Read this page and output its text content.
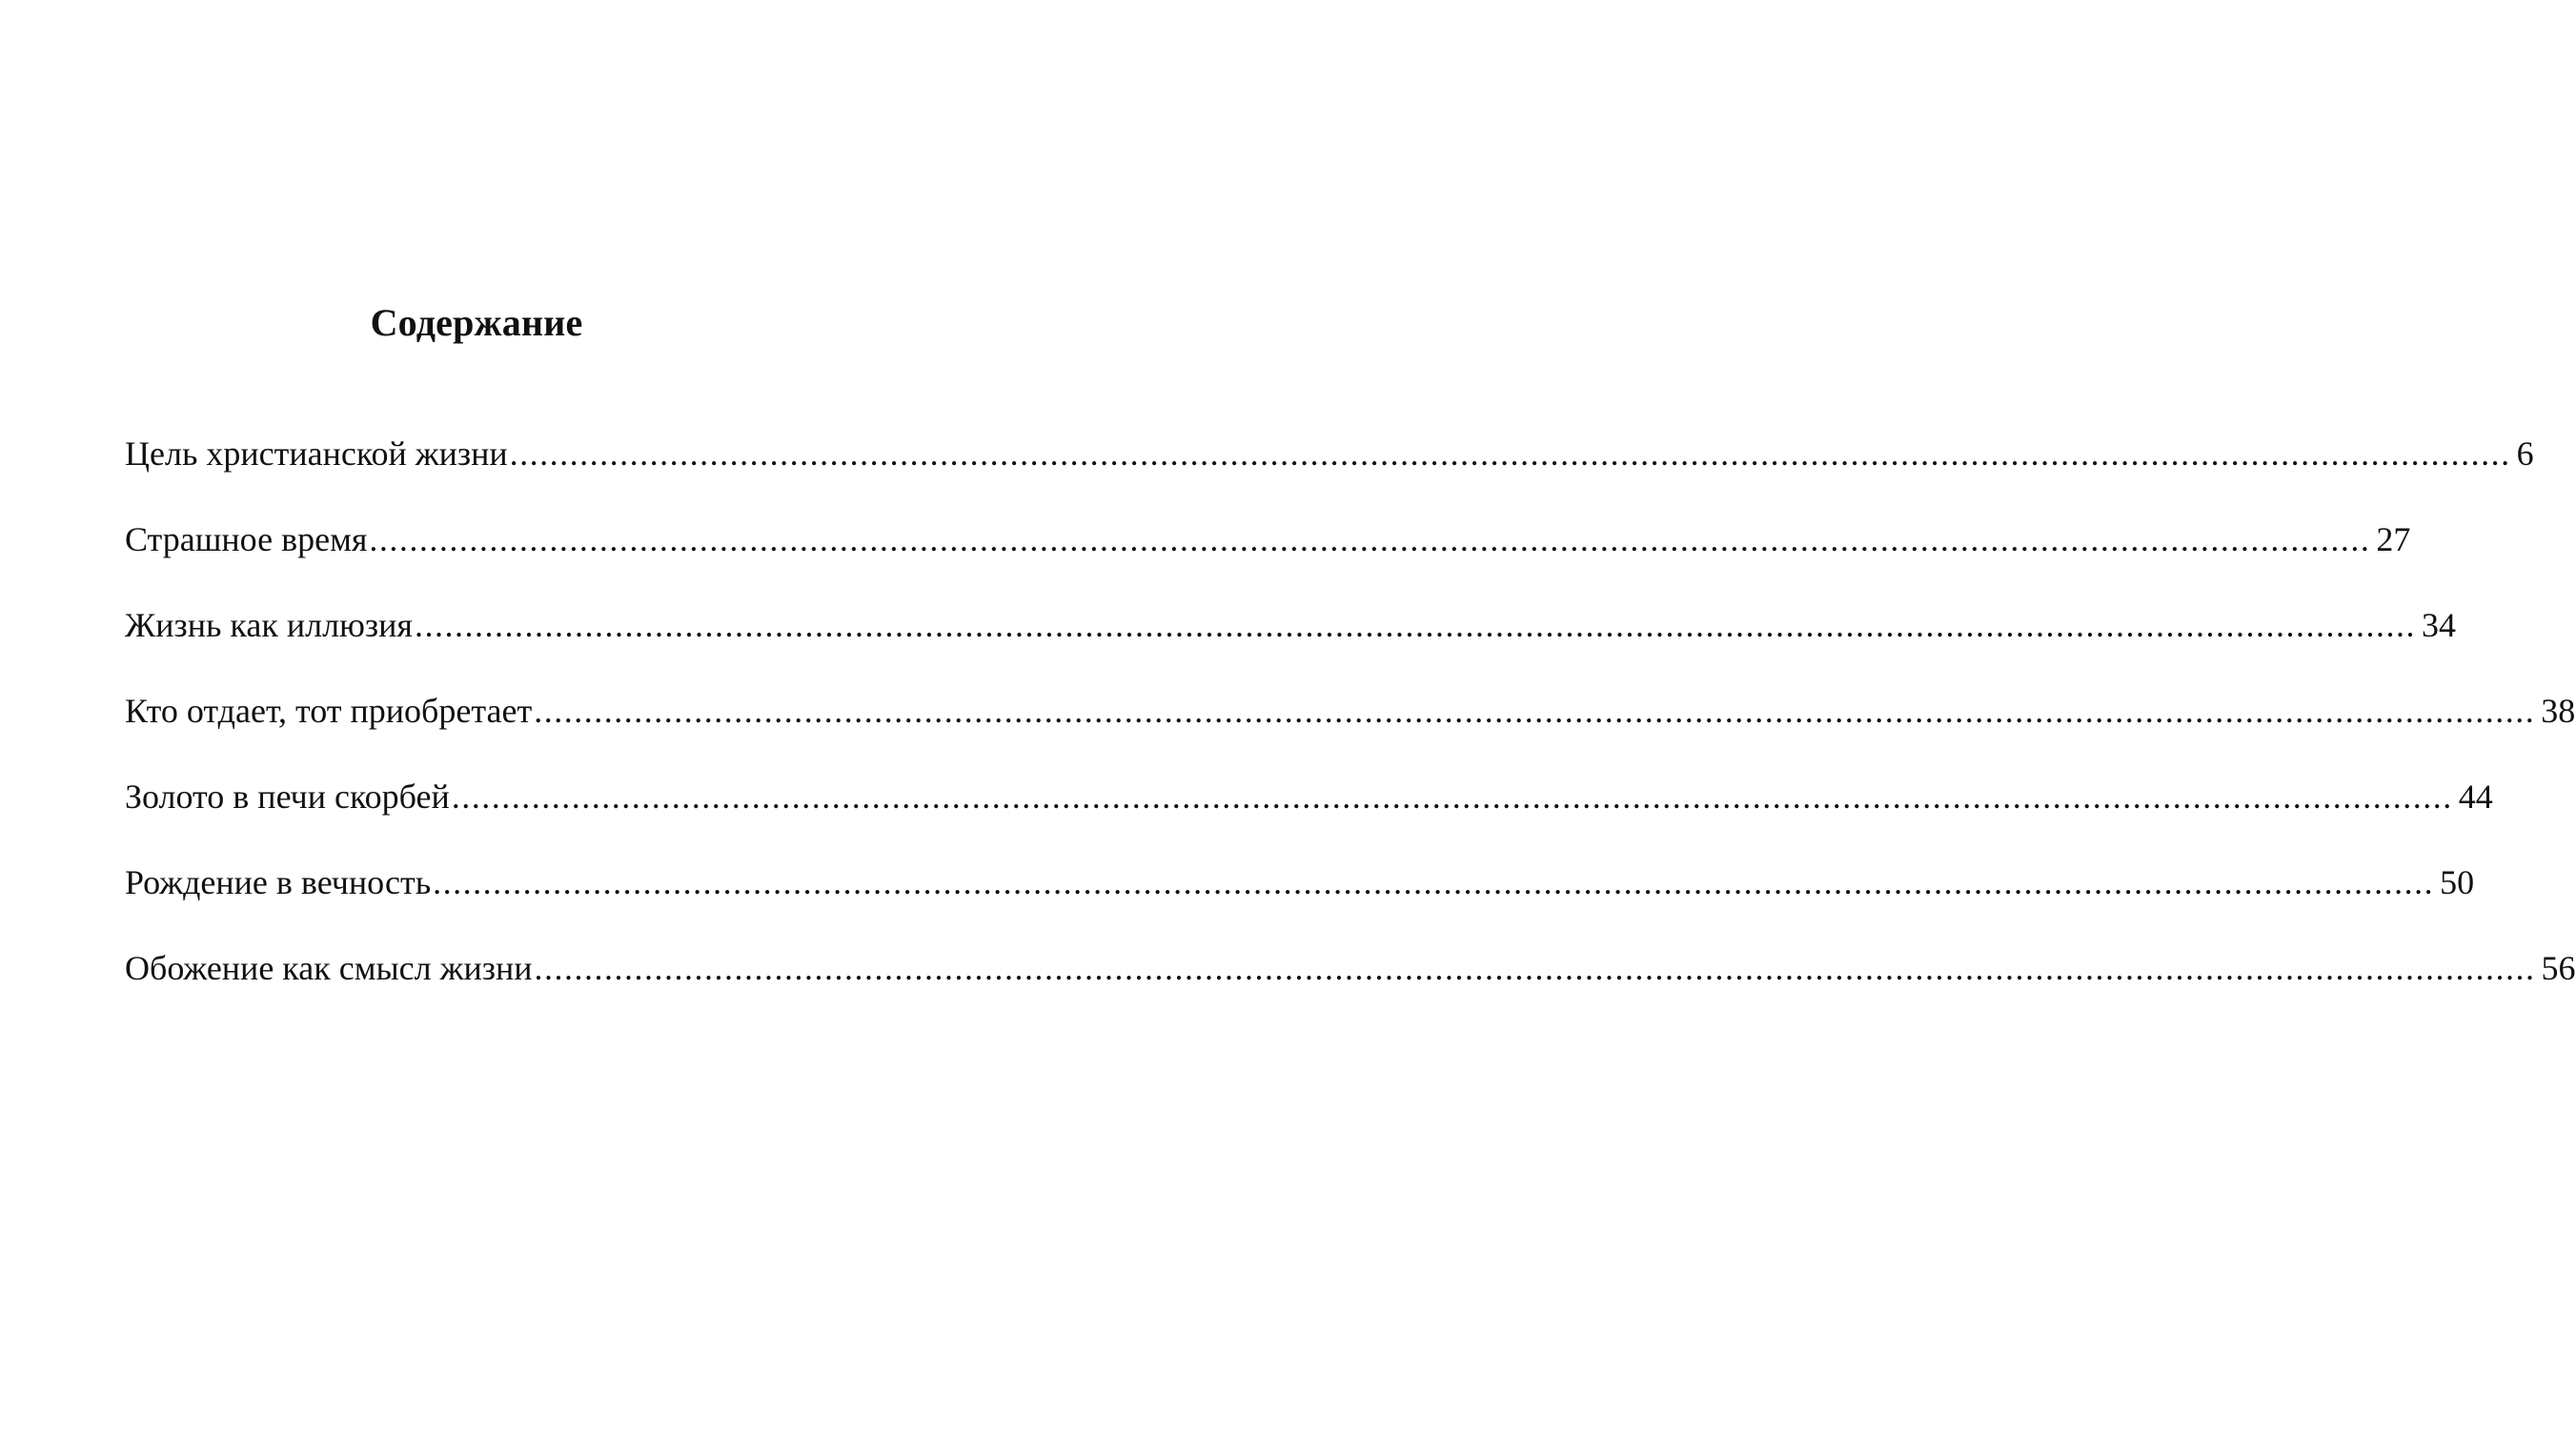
Содержание
Цель христианской жизни ........................................................................................................................................................................................................ 6
Страшное время ........................................................................................................................................................................................................ 27
Жизнь как иллюзия ........................................................................................................................................................................................................ 34
Кто отдает, тот приобретает ........................................................................................................................................................................................................ 38
Золото в печи скорбей ........................................................................................................................................................................................................ 44
Рождение в вечность ........................................................................................................................................................................................................ 50
Обожение как смысл жизни ........................................................................................................................................................................................................ 56
